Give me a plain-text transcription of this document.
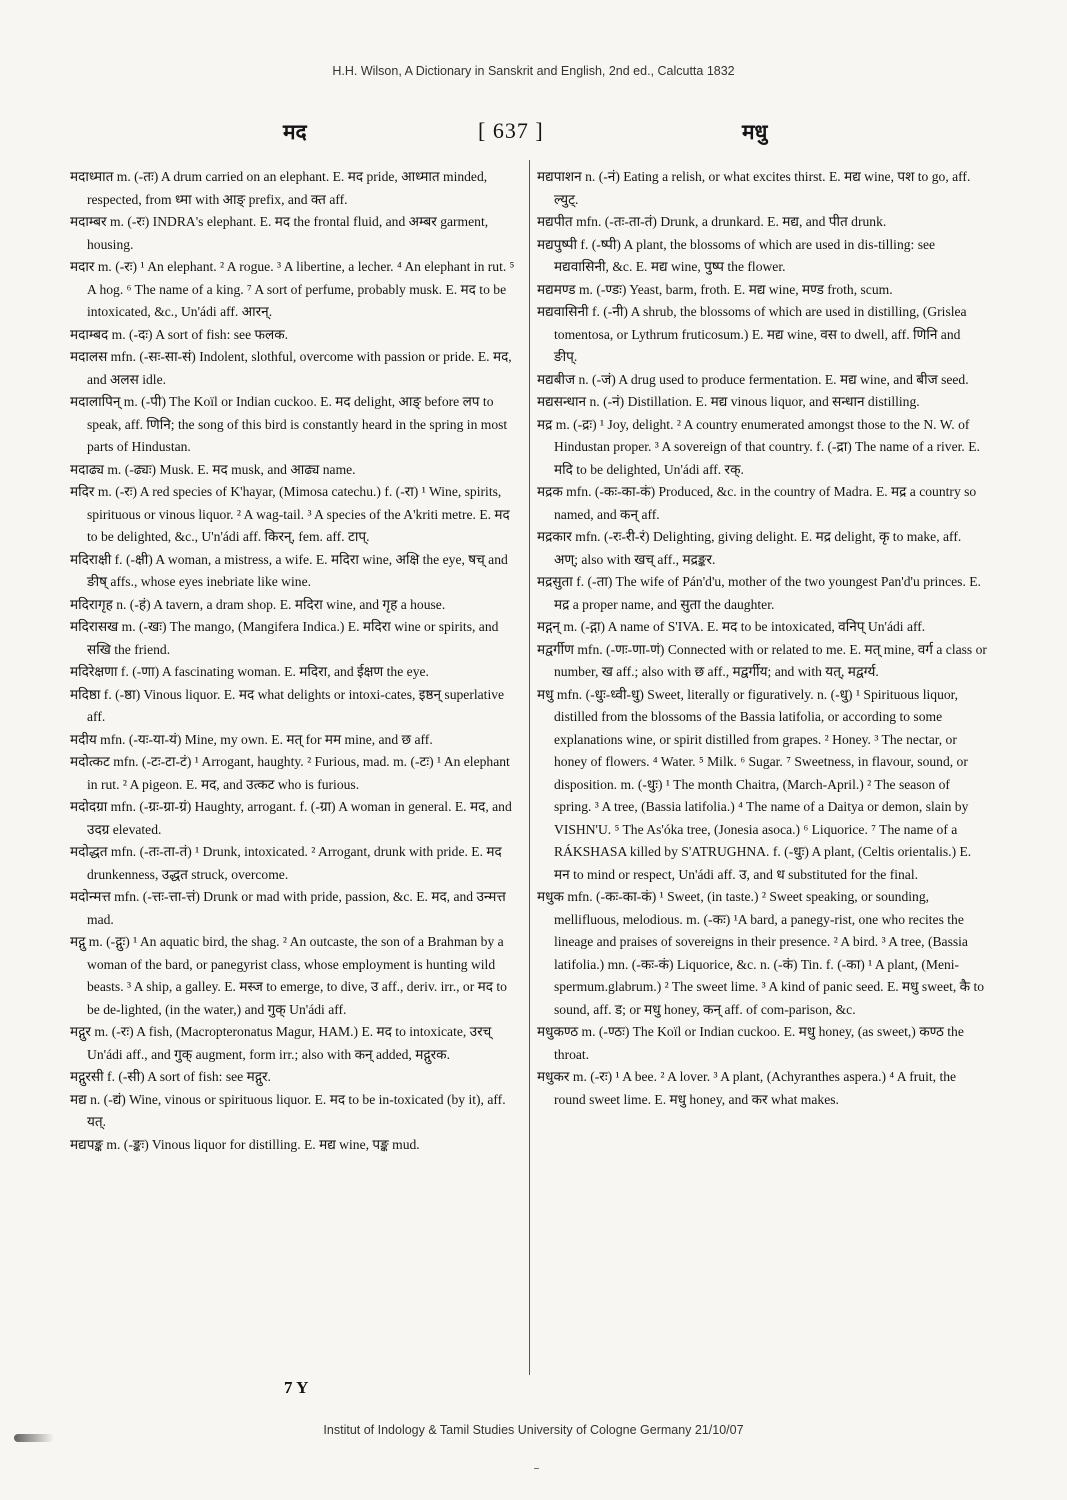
H.H. Wilson, A Dictionary in Sanskrit and English, 2nd ed., Calcutta 1832
मद	[ 637 ]	मधु

मदाध्मात m. (-तः) A drum carried on an elephant. E. मद pride, आध्मात minded, respected, from ध्मा with आङ् prefix, and क्त aff.

मदाम्बर m. (-रः) INDRA's elephant. E. मद the frontal fluid, and अम्बर garment, housing.

मदार m. (-रः) ¹ An elephant. ² A rogue. ³ A libertine, a lecher. ⁴ An elephant in rut. ⁵ A hog. ⁶ The name of a king. ⁷ A sort of perfume, probably musk. E. मद to be intoxicated, &c., Un'ádi aff. आरन्.

मदाम्बद m. (-दः) A sort of fish: see फलक.

मदालस mfn. (-सः-सा-सं) Indolent, slothful, overcome with passion or pride. E. मद, and अलस idle.

मदालापिन् m. (-पी) The Koïl or Indian cuckoo. E. मद delight, आङ् before लप to speak, aff. णिनि; the song of this bird is constantly heard in the spring in most parts of Hindustan.

मदाढ्य m. (-ढ्यः) Musk. E. मद musk, and आढ्य name.

मदिर m. (-रः) A red species of K'hayar, (Mimosa catechu.) f. (-रा) ¹ Wine, spirits, spirituous or vinous liquor. ² A wag-tail. ³ A species of the A'kriti metre. E. मद to be delighted, &c., U'n'ádi aff. किरन्, fem. aff. टाप्.

मदिराक्षी f. (-क्षी) A woman, a mistress, a wife. E. मदिरा wine, अक्षि the eye, षच् and ङीष् affs., whose eyes inebriate like wine.

मदिरागृह n. (-हं) A tavern, a dram shop. E. मदिरा wine, and गृह a house.

मदिरासख m. (-खः) The mango, (Mangifera Indica.) E. मदिरा wine or spirits, and सखि the friend.

मदिरेक्षणा f. (-णा) A fascinating woman. E. मदिरा, and ईक्षण the eye.

मदिष्ठा f. (-ष्ठा) Vinous liquor. E. मद what delights or intoxi-cates, इष्ठन् superlative aff.

मदीय mfn. (-यः-या-यं) Mine, my own. E. मत् for मम mine, and छ aff.

मदोत्कट mfn. (-टः-टा-टं) ¹ Arrogant, haughty. ² Furious, mad. m. (-टः) ¹ An elephant in rut. ² A pigeon. E. मद, and उत्कट who is furious.

मदोदग्रा mfn. (-ग्रः-ग्रा-ग्रं) Haughty, arrogant. f. (-ग्रा) A woman in general. E. मद, and उदग्र elevated.

मदोद्धत mfn. (-तः-ता-तं) ¹ Drunk, intoxicated. ² Arrogant, drunk with pride. E. मद drunkenness, उद्धत struck, overcome.

मदोन्मत्त mfn. (-त्तः-त्ता-त्तं) Drunk or mad with pride, passion, &c. E. मद, and उन्मत्त mad.

मद्गु m. (-द्गुः) ¹ An aquatic bird, the shag. ² An outcaste, the son of a Brahman by a woman of the bard, or panegyrist class, whose employment is hunting wild beasts. ³ A ship, a galley. E. मस्ज to emerge, to dive, उ aff., deriv. irr., or मद to be de-lighted, (in the water,) and गुक् Un'ádi aff.

मद्गुर m. (-रः) A fish, (Macropteronatus Magur, HAM.) E. मद to intoxicate, उरच् Un'ádi aff., and गुक् augment, form irr.; also with कन् added, मद्गुरक.

मद्गुरसी f. (-सी) A sort of fish: see मद्गुर.

मद्य n. (-द्यं) Wine, vinous or spirituous liquor. E. मद to be in-toxicated (by it), aff. यत्.

मद्यपङ्क m. (-ङ्कः) Vinous liquor for distilling. E. मद्य wine, पङ्क mud.

मद्यपाशन n. (-नं) Eating a relish, or what excites thirst. E. मद्य wine, पश to go, aff. ल्युट्.

मद्यपीत mfn. (-तः-ता-तं) Drunk, a drunkard. E. मद्य, and पीत drunk.

मद्यपुष्पी f. (-ष्पी) A plant, the blossoms of which are used in dis-tilling: see मद्यवासिनी, &c. E. मद्य wine, पुष्प the flower.

मद्यमण्ड m. (-ण्डः) Yeast, barm, froth. E. मद्य wine, मण्ड froth, scum.

मद्यवासिनी f. (-नी) A shrub, the blossoms of which are used in distilling, (Grislea tomentosa, or Lythrum fruticosum.) E. मद्य wine, वस to dwell, aff. णिनि and ङीप्.

मद्यबीज n. (-जं) A drug used to produce fermentation. E. मद्य wine, and बीज seed.

मद्यसन्धान n. (-नं) Distillation. E. मद्य vinous liquor, and सन्धान distilling.

मद्र m. (-द्रः) ¹ Joy, delight. ² A country enumerated amongst those to the N. W. of Hindustan proper. ³ A sovereign of that country. f. (-द्रा) The name of a river. E. मदि to be delighted, Un'ádi aff. रक्.

मद्रक mfn. (-कः-का-कं) Produced, &c. in the country of Madra. E. मद्र a country so named, and कन् aff.

मद्रकार mfn. (-रः-री-रं) Delighting, giving delight. E. मद्र delight, कृ to make, aff. अण्; also with खच् aff., मद्रङ्कर.

मद्रसुता f. (-ता) The wife of Pán'd'u, mother of the two youngest Pan'd'u princes. E. मद्र a proper name, and सुता the daughter.

मद्गन् m. (-द्गा) A name of S'IVA. E. मद to be intoxicated, वनिप् Un'ádi aff.

मद्वर्गीण mfn. (-णः-णा-णं) Connected with or related to me. E. मत् mine, वर्ग a class or number, ख aff.; also with छ aff., मद्वर्गीय; and with यत्, मद्वर्ग्य.

मधु mfn. (-धुः-ध्वी-धु) Sweet, literally or figuratively. n. (-धु) ¹ Spirituous liquor, distilled from the blossoms of the Bassia latifolia, or according to some explanations wine, or spirit distilled from grapes. ² Honey. ³ The nectar, or honey of flowers. ⁴ Water. ⁵ Milk. ⁶ Sugar. ⁷ Sweetness, in flavour, sound, or disposition. m. (-धुः) ¹ The month Chaitra, (March-April.) ² The season of spring. ³ A tree, (Bassia latifolia.) ⁴ The name of a Daitya or demon, slain by VISHN'U. ⁵ The As'óka tree, (Jonesia asoca.) ⁶ Liquorice. ⁷ The name of a RÁKSHASA killed by S'ATRUGHNA. f. (-धुः) A plant, (Celtis orientalis.) E. मन to mind or respect, Un'ádi aff. उ, and ध substituted for the final.

मधुक mfn. (-कः-का-कं) ¹ Sweet, (in taste.) ² Sweet speaking, or sounding, mellifluous, melodious. m. (-कः) ¹A bard, a panegy-rist, one who recites the lineage and praises of sovereigns in their presence. ² A bird. ³ A tree, (Bassia latifolia.) mn. (-कः-कं) Liquorice, &c. n. (-कं) Tin. f. (-का) ¹ A plant, (Meni-spermum.glabrum.) ² The sweet lime. ³ A kind of panic seed. E. मधु sweet, कै to sound, aff. ड; or मधु honey, कन् aff. of com-parison, &c.

मधुकण्ठ m. (-ण्ठः) The Koïl or Indian cuckoo. E. मधु honey, (as sweet,) कण्ठ the throat.

मधुकर m. (-रः) ¹ A bee. ² A lover. ³ A plant, (Achyranthes aspera.) ⁴ A fruit, the round sweet lime. E. मधु honey, and कर what makes.

7 Y
Institut of Indology & Tamil Studies University of Cologne Germany 21/10/07
